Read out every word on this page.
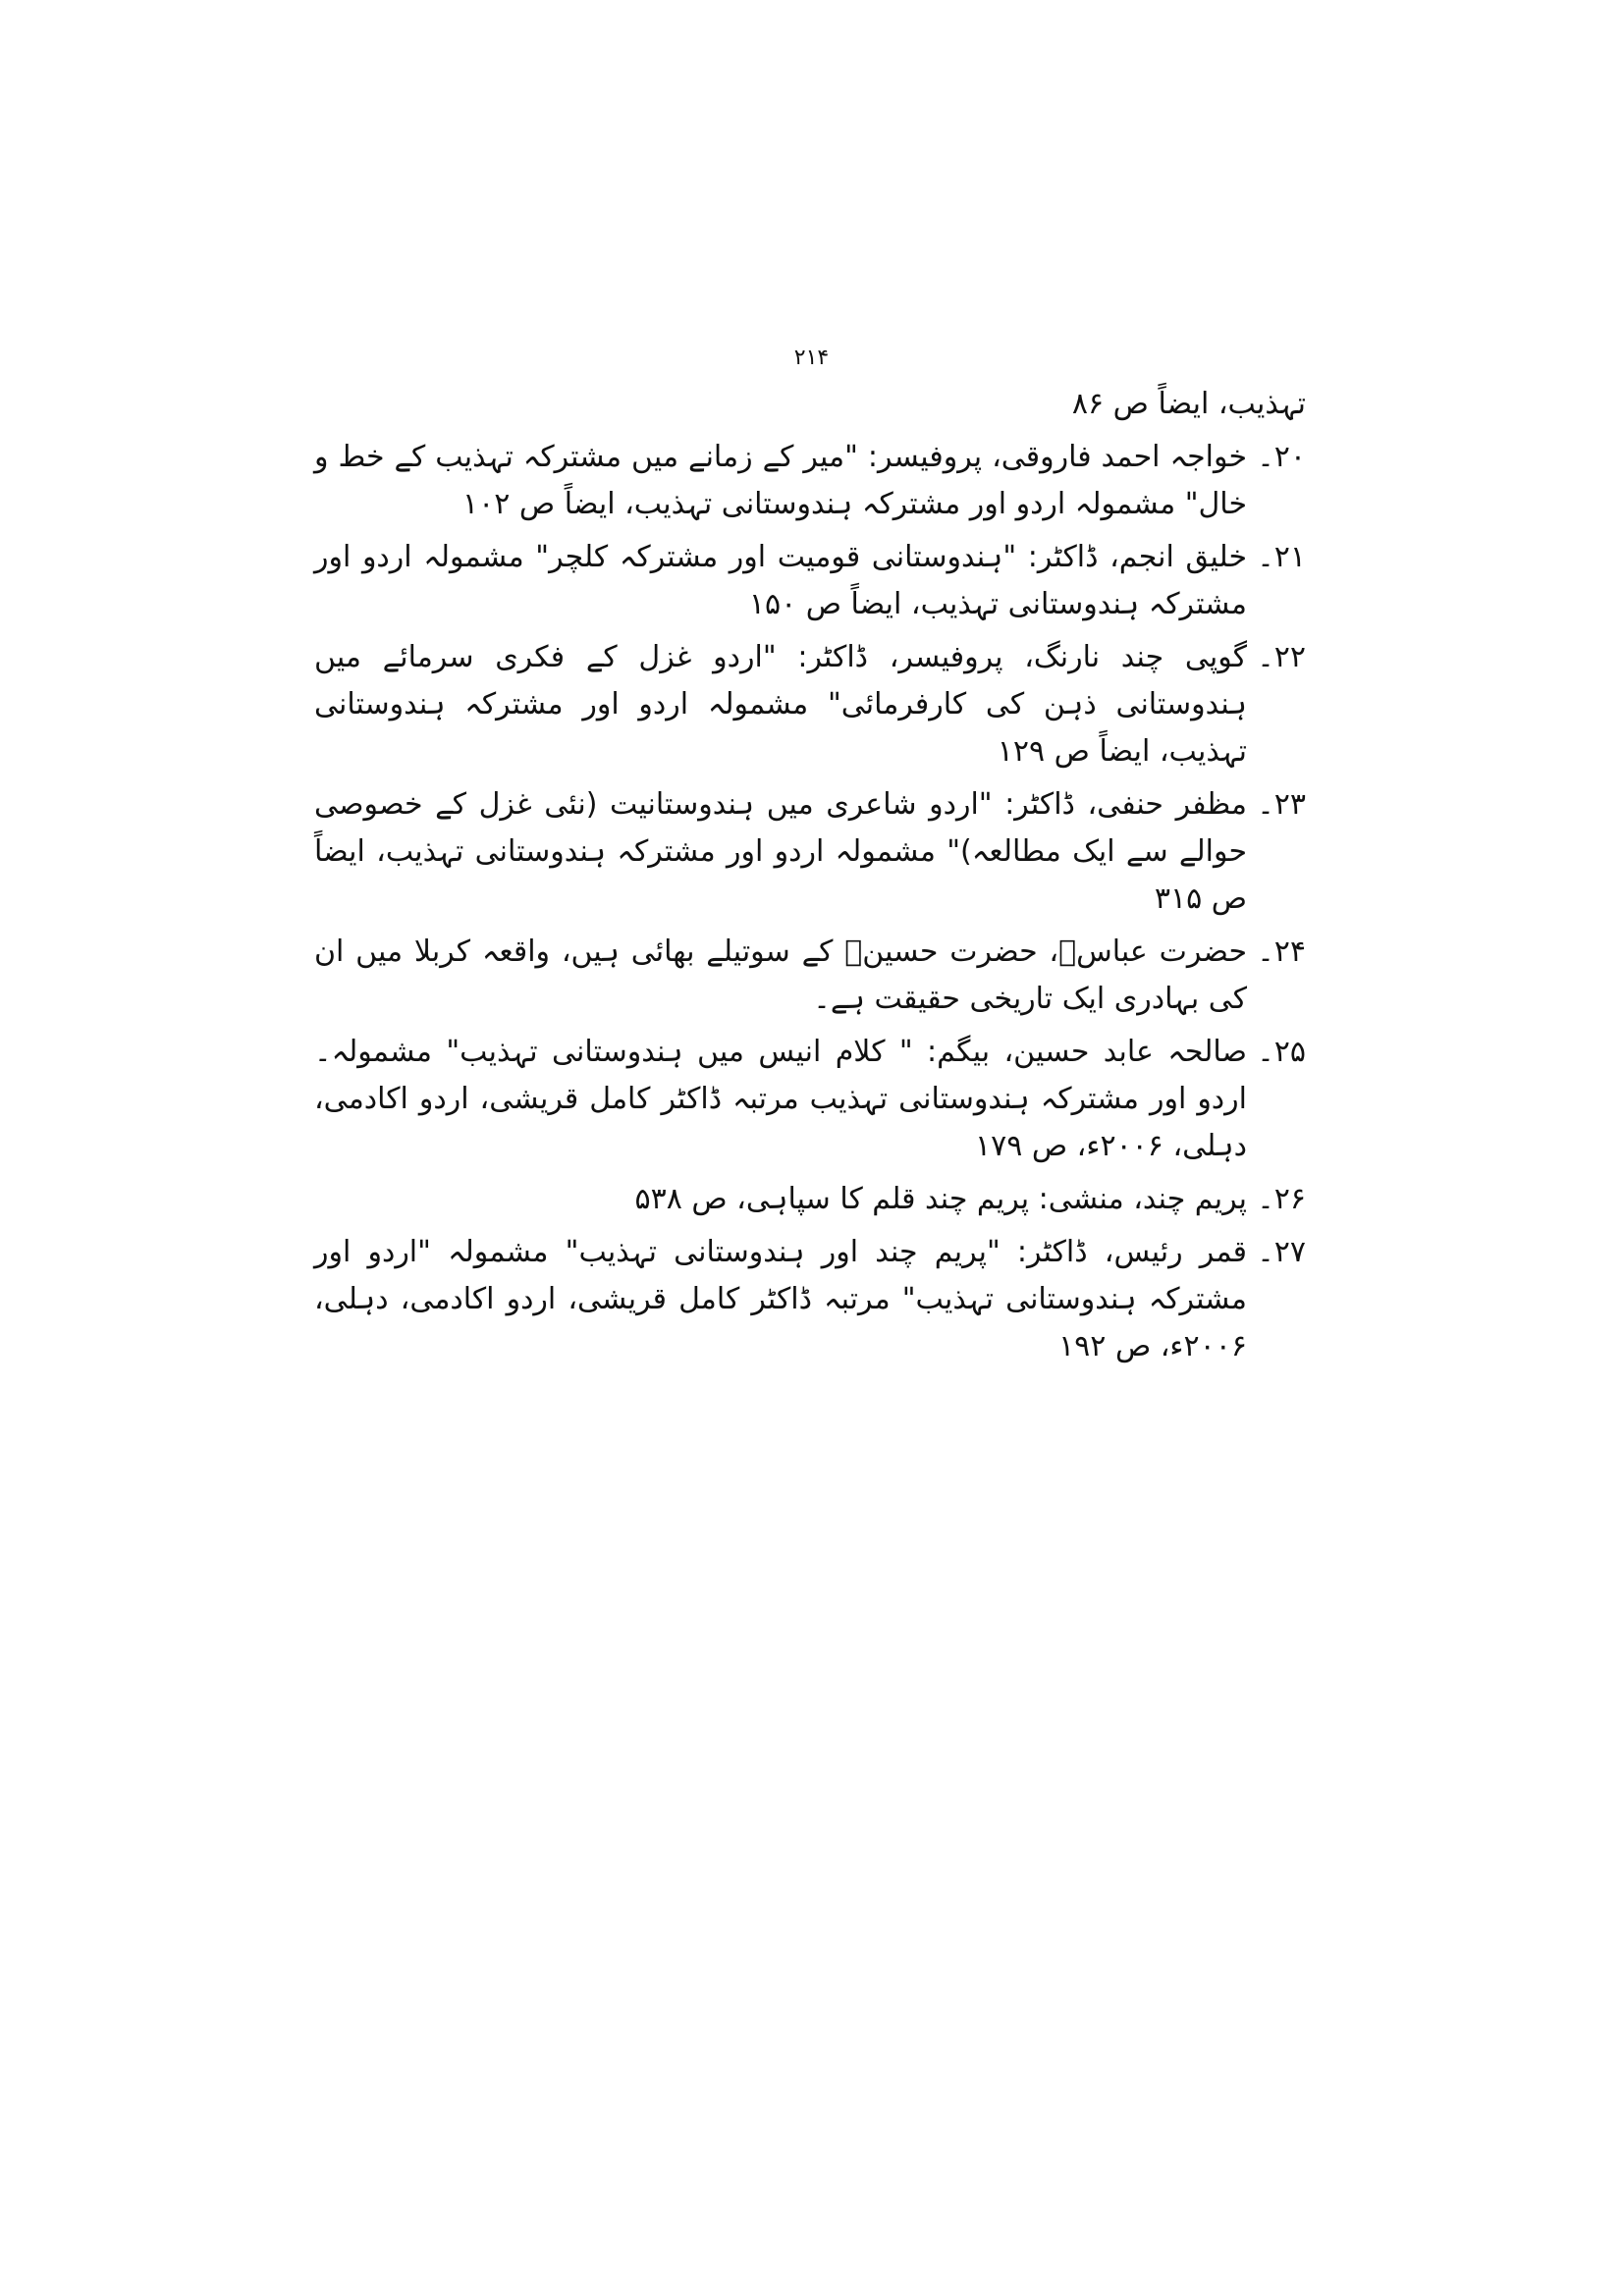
۲۱۴
تہذیب، ایضاً ص ۸۶
۲۰۔
خواجہ احمد فاروقی، پروفیسر: "میر کے زمانے میں مشترکہ تہذیب کے خط و خال" مشمولہ اردو اور مشترکہ ہندوستانی تہذیب، ایضاً ص ۱۰۲
۲۱۔
خلیق انجم، ڈاکٹر: "ہندوستانی قومیت اور مشترکہ کلچر" مشمولہ اردو اور مشترکہ ہندوستانی تہذیب، ایضاً ص ۱۵۰
۲۲۔
گوپی چند نارنگ، پروفیسر، ڈاکٹر: "اردو غزل کے فکری سرمائے میں ہندوستانی ذہن کی کارفرمائی" مشمولہ اردو اور مشترکہ ہندوستانی تہذیب، ایضاً ص ۱۲۹
۲۳۔
مظفر حنفی، ڈاکٹر: "اردو شاعری میں ہندوستانیت (نئی غزل کے خصوصی حوالے سے ایک مطالعہ)" مشمولہ اردو اور مشترکہ ہندوستانی تہذیب، ایضاً ص ۳۱۵
۲۴۔
حضرت عباسؓ، حضرت حسینؓ کے سوتیلے بھائی ہیں، واقعہ کربلا میں ان کی بہادری ایک تاریخی حقیقت ہے۔
۲۵۔
صالحہ عابد حسین، بیگم: " کلام انیس میں ہندوستانی تہذیب" مشمولہ۔ اردو اور مشترکہ ہندوستانی تہذیب مرتبہ ڈاکٹر کامل قریشی، اردو اکادمی، دہلی، ۲۰۰۶ء، ص ۱۷۹
۲۶۔
پریم چند، منشی: پریم چند قلم کا سپاہی، ص ۵۳۸
۲۷۔
قمر رئیس، ڈاکٹر: "پریم چند اور ہندوستانی تہذیب" مشمولہ "اردو اور مشترکہ ہندوستانی تہذیب" مرتبہ ڈاکٹر کامل قریشی، اردو اکادمی، دہلی، ۲۰۰۶ء، ص ۱۹۲
